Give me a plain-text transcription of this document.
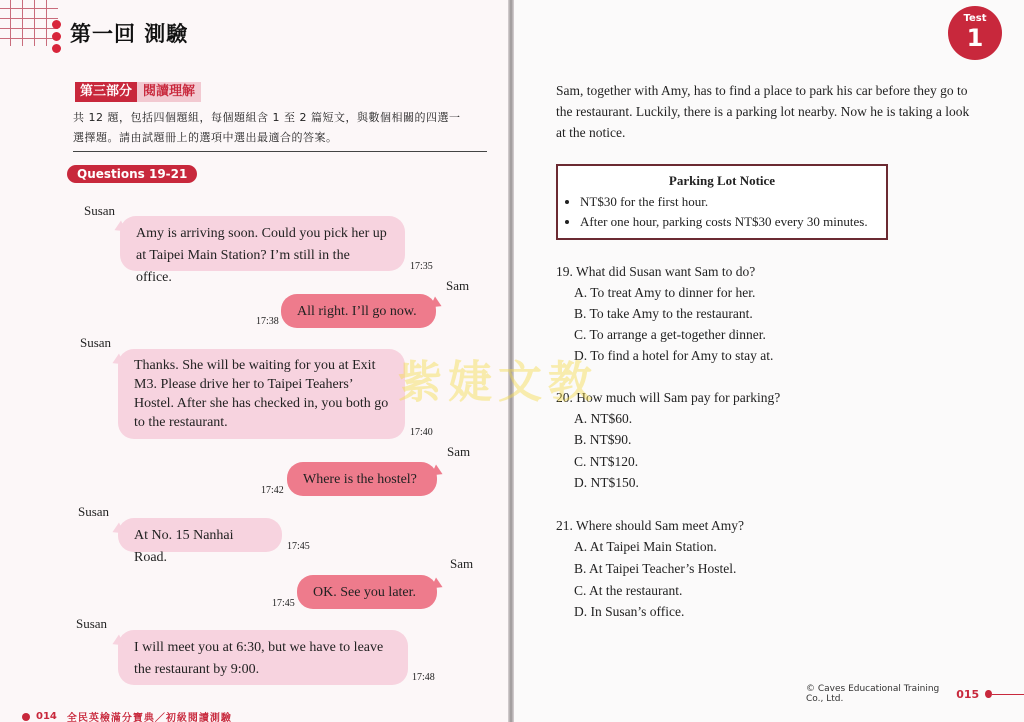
第一回 測驗
第三部分 閱讀理解
共 12 題，包括四個題組，每個題組含 1 至 2 篇短文，與數個相關的四選一
選擇題。請由試題冊上的選項中選出最適合的答案。
Questions 19-21
Susan
Amy is arriving soon. Could you pick her up
at Taipei Main Station? I’m still in the office.
17:35
Sam
All right. I’ll go now.
17:38
Susan
Thanks. She will be waiting for you at Exit
M3. Please drive her to Taipei Teahers’
Hostel. After she has checked in, you both go
to the restaurant.
17:40
Sam
Where is the hostel?
17:42
Susan
At No. 15 Nanhai Road.
17:45
Sam
OK. See you later.
17:45
Susan
I will meet you at 6:30, but we have to leave
the restaurant by 9:00.
17:48
014 全民英檢滿分寶典／初級閱讀測驗
Test
1
Sam, together with Amy, has to find a place to park his car before they go to
the restaurant. Luckily, there is a parking lot nearby. Now he is taking a look
at the notice.
Parking Lot Notice
• NT$30 for the first hour.
• After one hour, parking costs NT$30 every 30 minutes.
19. What did Susan want Sam to do?
A. To treat Amy to dinner for her.
B. To take Amy to the restaurant.
C. To arrange a get-together dinner.
D. To find a hotel for Amy to stay at.
20. How much will Sam pay for parking?
A. NT$60.
B. NT$90.
C. NT$120.
D. NT$150.
21. Where should Sam meet Amy?
A. At Taipei Main Station.
B. At Taipei Teacher’s Hostel.
C. At the restaurant.
D. In Susan’s office.
© Caves Educational Training Co., Ltd.	015
紫婕文教
